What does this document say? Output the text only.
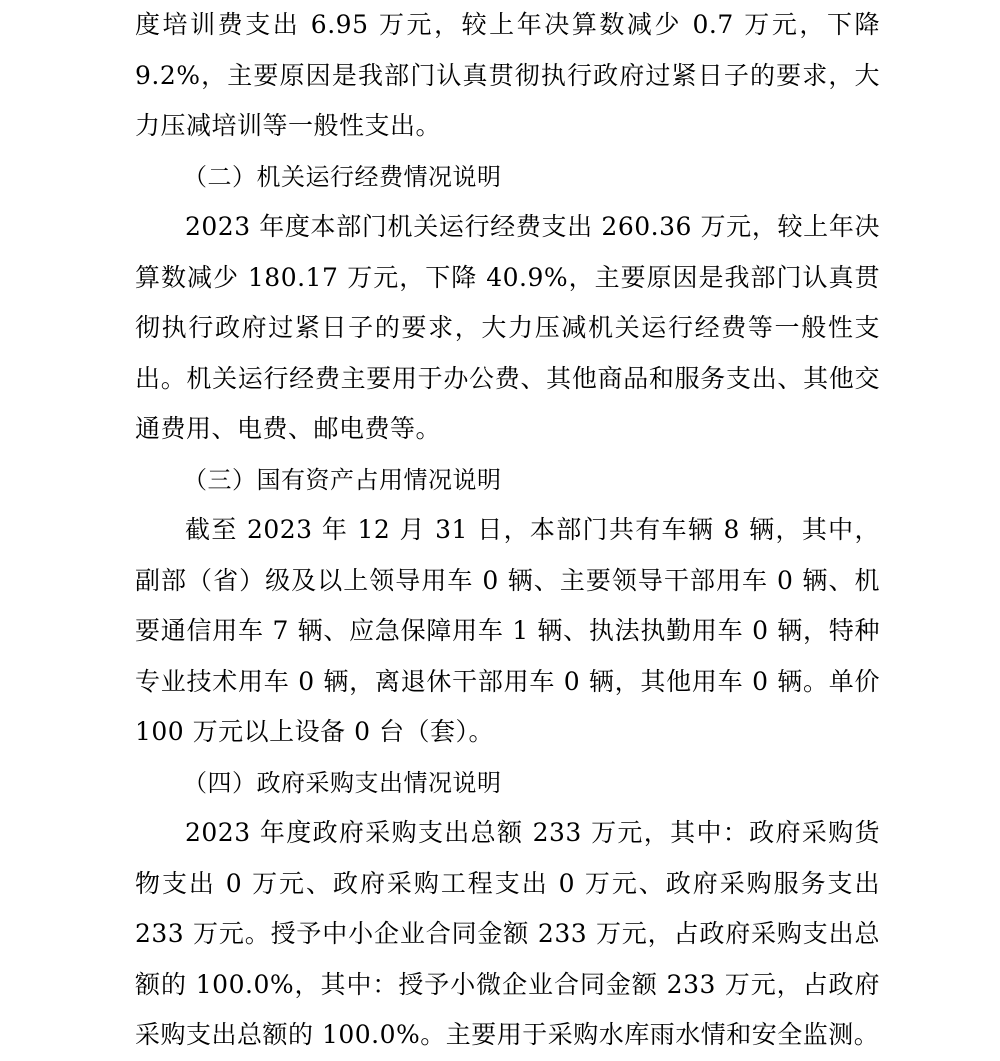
度培训费支出 6.95 万元，较上年决算数减少 0.7 万元，下降 9.2%，主要原因是我部门认真贯彻执行政府过紧日子的要求，大力压减培训等一般性支出。

（二）机关运行经费情况说明

2023 年度本部门机关运行经费支出 260.36 万元，较上年决算数减少 180.17 万元，下降 40.9%，主要原因是我部门认真贯彻执行政府过紧日子的要求，大力压减机关运行经费等一般性支出。机关运行经费主要用于办公费、其他商品和服务支出、其他交通费用、电费、邮电费等。

（三）国有资产占用情况说明

截至 2023 年 12 月 31 日，本部门共有车辆 8 辆，其中，副部（省）级及以上领导用车 0 辆、主要领导干部用车 0 辆、机要通信用车 7 辆、应急保障用车 1 辆、执法执勤用车 0 辆，特种专业技术用车 0 辆，离退休干部用车 0 辆，其他用车 0 辆。单价 100 万元以上设备 0 台（套）。

（四）政府采购支出情况说明

2023 年度政府采购支出总额 233 万元，其中：政府采购货物支出 0 万元、政府采购工程支出 0 万元、政府采购服务支出 233 万元。授予中小企业合同金额 233 万元，占政府采购支出总额的 100.0%，其中：授予小微企业合同金额 233 万元，占政府采购支出总额的 100.0%。主要用于采购水库雨水情和安全监测。
